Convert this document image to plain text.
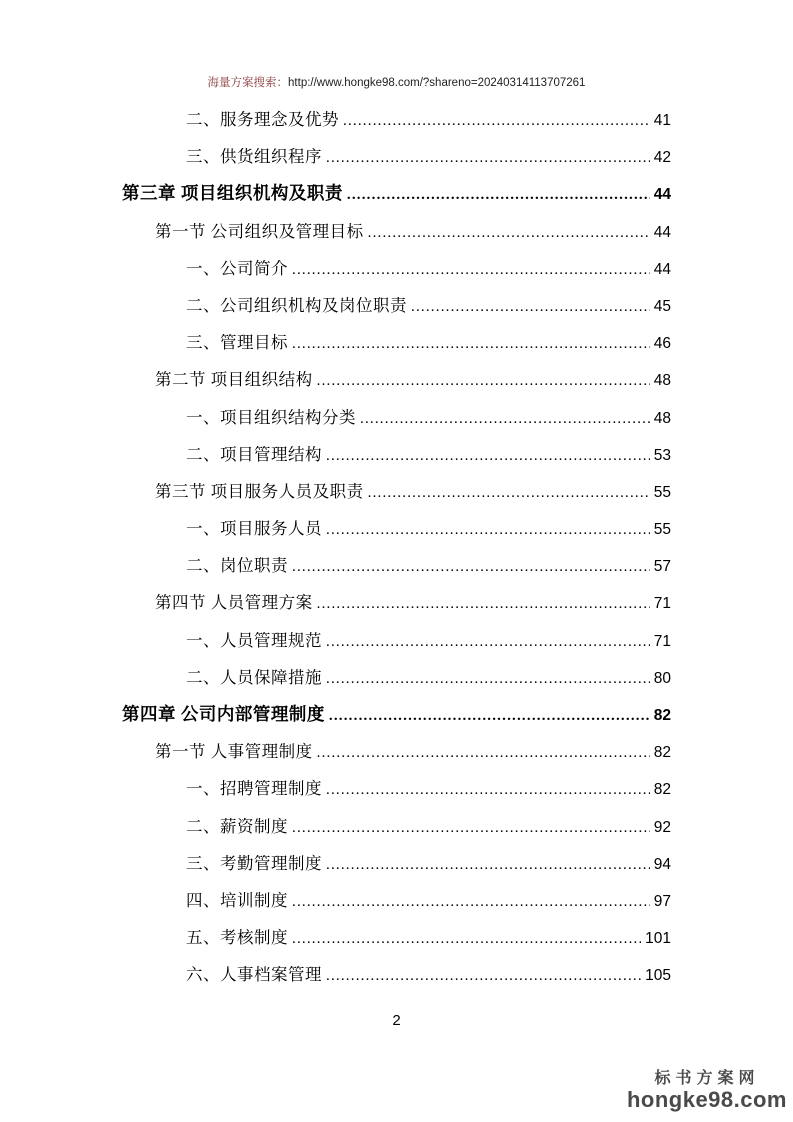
海量方案搜索：http://www.hongke98.com/?shareno=20240314113707261
二、服务理念及优势 .....	41
三、供货组织程序 .....	42
第三章 项目组织机构及职责 .....	44
第一节 公司组织及管理目标 .....	44
一、公司简介 .....	44
二、公司组织机构及岗位职责 .....	45
三、管理目标 .....	46
第二节 项目组织结构 .....	48
一、项目组织结构分类 .....	48
二、项目管理结构 .....	53
第三节 项目服务人员及职责 .....	55
一、项目服务人员 .....	55
二、岗位职责 .....	57
第四节 人员管理方案 .....	71
一、人员管理规范 .....	71
二、人员保障措施 .....	80
第四章 公司内部管理制度 .....	82
第一节 人事管理制度 .....	82
一、招聘管理制度 .....	82
二、薪资制度 .....	92
三、考勤管理制度 .....	94
四、培训制度 .....	97
五、考核制度 .....	101
六、人事档案管理 .....	105
2
标书方案网
hongke98.com
